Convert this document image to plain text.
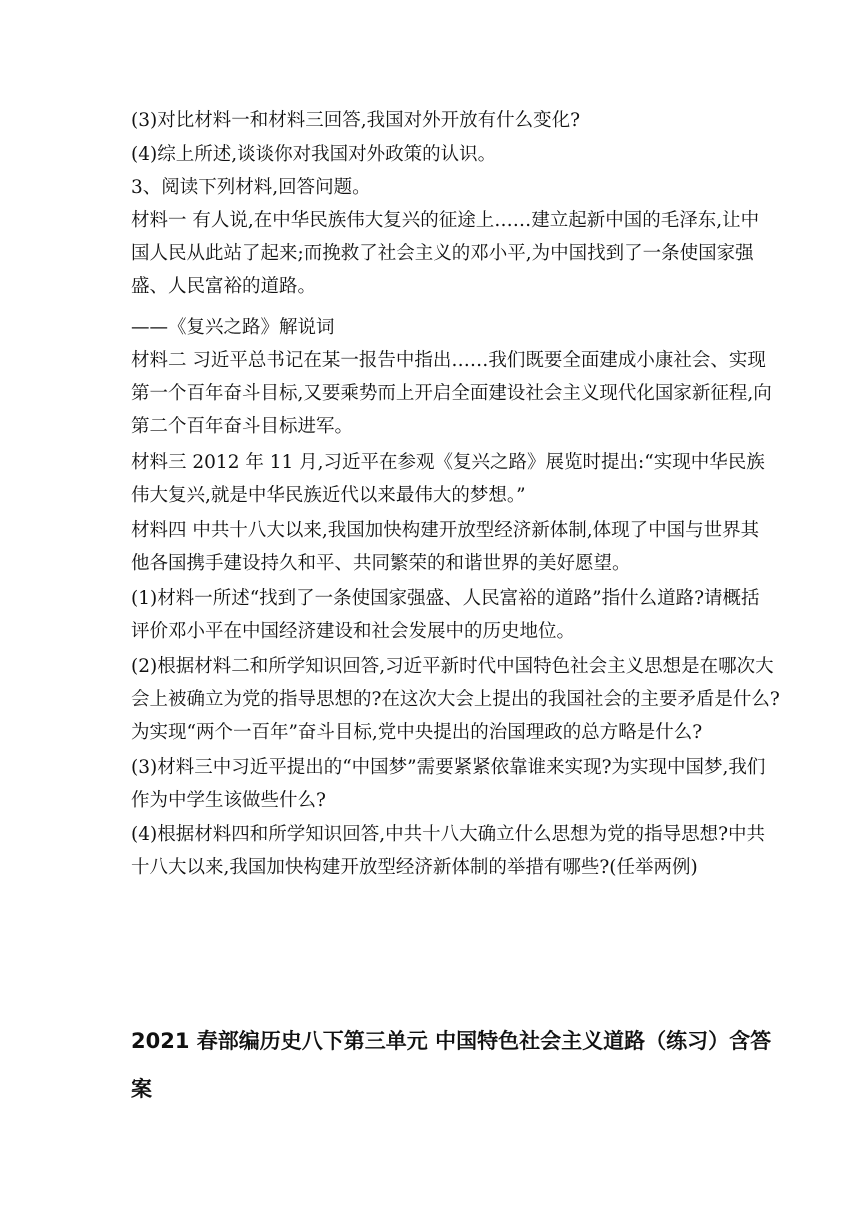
(3)对比材料一和材料三回答,我国对外开放有什么变化?

(4)综上所述,谈谈你对我国对外政策的认识。

3、阅读下列材料,回答问题。

材料一 有人说,在中华民族伟大复兴的征途上……建立起新中国的毛泽东,让中
国人民从此站了起来;而挽救了社会主义的邓小平,为中国找到了一条使国家强
盛、人民富裕的道路。

——《复兴之路》解说词

材料二 习近平总书记在某一报告中指出……我们既要全面建成小康社会、实现
第一个百年奋斗目标,又要乘势而上开启全面建设社会主义现代化国家新征程,向
第二个百年奋斗目标进军。

材料三 2012 年 11 月,习近平在参观《复兴之路》展览时提出:“实现中华民族
伟大复兴,就是中华民族近代以来最伟大的梦想。”

材料四 中共十八大以来,我国加快构建开放型经济新体制,体现了中国与世界其
他各国携手建设持久和平、共同繁荣的和谐世界的美好愿望。

(1)材料一所述“找到了一条使国家强盛、人民富裕的道路”指什么道路?请概括
评价邓小平在中国经济建设和社会发展中的历史地位。

(2)根据材料二和所学知识回答,习近平新时代中国特色社会主义思想是在哪次大
会上被确立为党的指导思想的?在这次大会上提出的我国社会的主要矛盾是什么?
为实现“两个一百年”奋斗目标,党中央提出的治国理政的总方略是什么?

(3)材料三中习近平提出的“中国梦”需要紧紧依靠谁来实现?为实现中国梦,我们
作为中学生该做些什么?

(4)根据材料四和所学知识回答,中共十八大确立什么思想为党的指导思想?中共
十八大以来,我国加快构建开放型经济新体制的举措有哪些?(任举两例)

2021 春部编历史八下第三单元 中国特色社会主义道路（练习）含答
案
